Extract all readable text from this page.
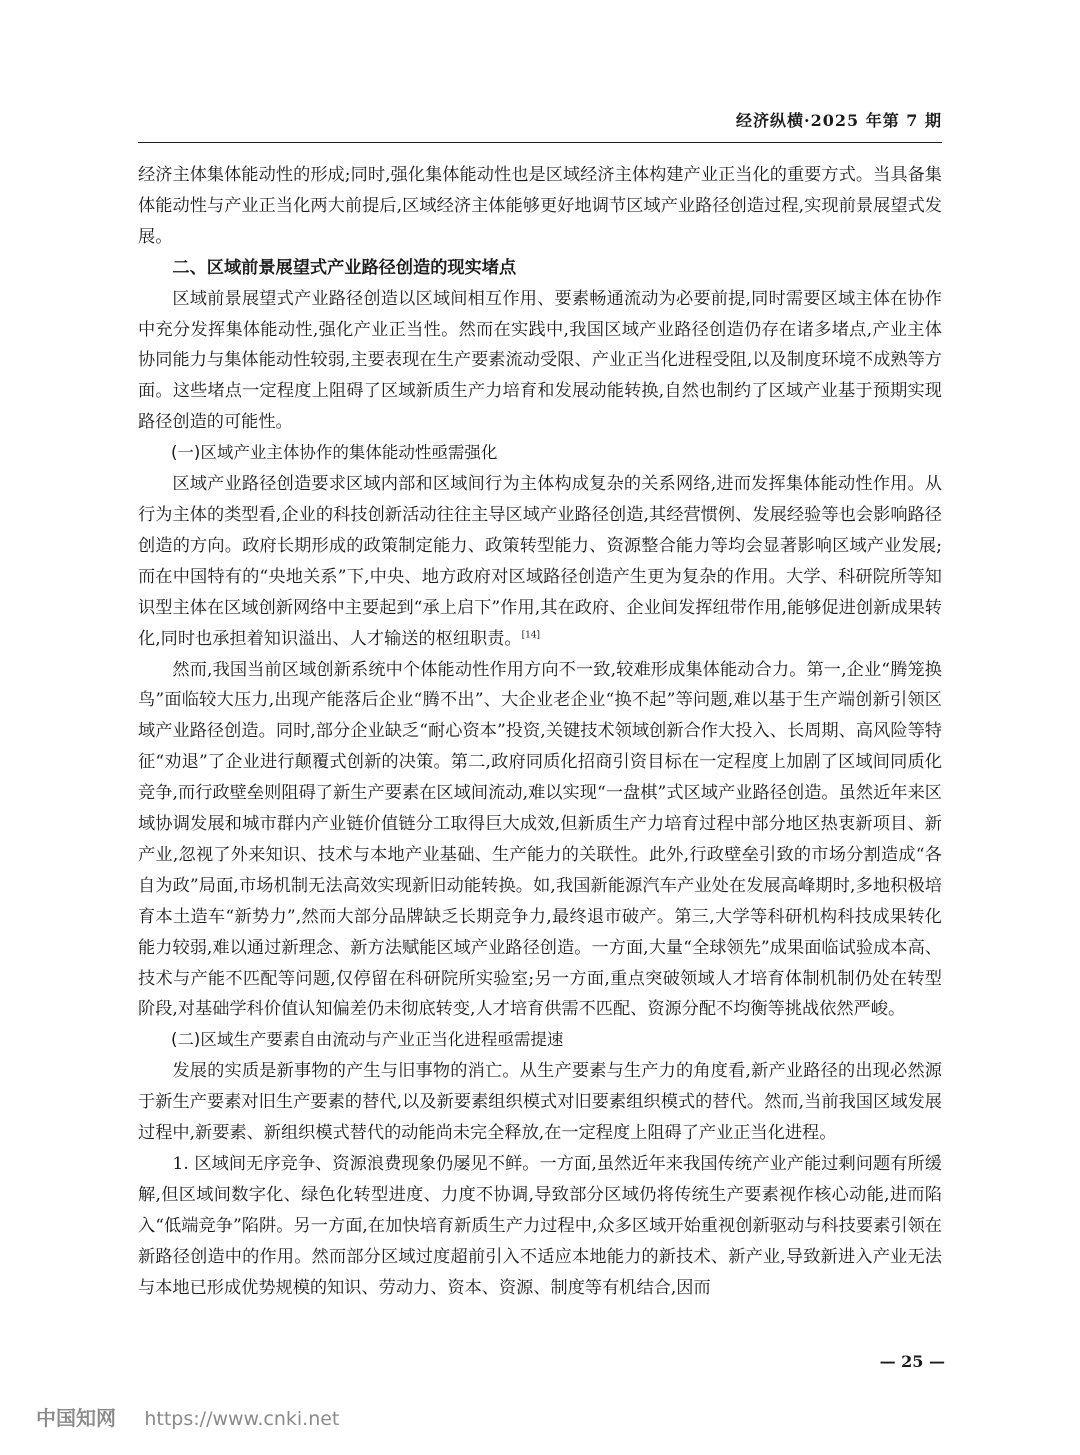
经济纵横·2025 年第 7 期

经济主体集体能动性的形成;同时,强化集体能动性也是区域经济主体构建产业正当化的重要方式。当具备集体能动性与产业正当化两大前提后,区域经济主体能够更好地调节区域产业路径创造过程,实现前景展望式发展。

二、区域前景展望式产业路径创造的现实堵点

区域前景展望式产业路径创造以区域间相互作用、要素畅通流动为必要前提,同时需要区域主体在协作中充分发挥集体能动性,强化产业正当性。然而在实践中,我国区域产业路径创造仍存在诸多堵点,产业主体协同能力与集体能动性较弱,主要表现在生产要素流动受限、产业正当化进程受阻,以及制度环境不成熟等方面。这些堵点一定程度上阻碍了区域新质生产力培育和发展动能转换,自然也制约了区域产业基于预期实现路径创造的可能性。

(一)区域产业主体协作的集体能动性亟需强化

区域产业路径创造要求区域内部和区域间行为主体构成复杂的关系网络,进而发挥集体能动性作用。从行为主体的类型看,企业的科技创新活动往往主导区域产业路径创造,其经营惯例、发展经验等也会影响路径创造的方向。政府长期形成的政策制定能力、政策转型能力、资源整合能力等均会显著影响区域产业发展;而在中国特有的“央地关系”下,中央、地方政府对区域路径创造产生更为复杂的作用。大学、科研院所等知识型主体在区域创新网络中主要起到“承上启下”作用,其在政府、企业间发挥纽带作用,能够促进创新成果转化,同时也承担着知识溢出、人才输送的枢纽职责。[14]

然而,我国当前区域创新系统中个体能动性作用方向不一致,较难形成集体能动合力。第一,企业“腾笼换鸟”面临较大压力,出现产能落后企业“腾不出”、大企业老企业“换不起”等问题,难以基于生产端创新引领区域产业路径创造。同时,部分企业缺乏“耐心资本”投资,关键技术领域创新合作大投入、长周期、高风险等特征“劝退”了企业进行颠覆式创新的决策。第二,政府同质化招商引资目标在一定程度上加剧了区域间同质化竞争,而行政壁垒则阻碍了新生产要素在区域间流动,难以实现“一盘棋”式区域产业路径创造。虽然近年来区域协调发展和城市群内产业链价值链分工取得巨大成效,但新质生产力培育过程中部分地区热衷新项目、新产业,忽视了外来知识、技术与本地产业基础、生产能力的关联性。此外,行政壁垒引致的市场分割造成“各自为政”局面,市场机制无法高效实现新旧动能转换。如,我国新能源汽车产业处在发展高峰期时,多地积极培育本土造车“新势力”,然而大部分品牌缺乏长期竞争力,最终退市破产。第三,大学等科研机构科技成果转化能力较弱,难以通过新理念、新方法赋能区域产业路径创造。一方面,大量“全球领先”成果面临试验成本高、技术与产能不匹配等问题,仅停留在科研院所实验室;另一方面,重点突破领域人才培育体制机制仍处在转型阶段,对基础学科价值认知偏差仍未彻底转变,人才培育供需不匹配、资源分配不均衡等挑战依然严峻。

(二)区域生产要素自由流动与产业正当化进程亟需提速

发展的实质是新事物的产生与旧事物的消亡。从生产要素与生产力的角度看,新产业路径的出现必然源于新生产要素对旧生产要素的替代,以及新要素组织模式对旧要素组织模式的替代。然而,当前我国区域发展过程中,新要素、新组织模式替代的动能尚未完全释放,在一定程度上阻碍了产业正当化进程。

1. 区域间无序竞争、资源浪费现象仍屡见不鲜。一方面,虽然近年来我国传统产业产能过剩问题有所缓解,但区域间数字化、绿色化转型进度、力度不协调,导致部分区域仍将传统生产要素视作核心动能,进而陷入“低端竞争”陷阱。另一方面,在加快培育新质生产力过程中,众多区域开始重视创新驱动与科技要素引领在新路径创造中的作用。然而部分区域过度超前引入不适应本地能力的新技术、新产业,导致新进入产业无法与本地已形成优势规模的知识、劳动力、资本、资源、制度等有机结合,因而

— 25 —
中国知网 https://www.cnki.net
